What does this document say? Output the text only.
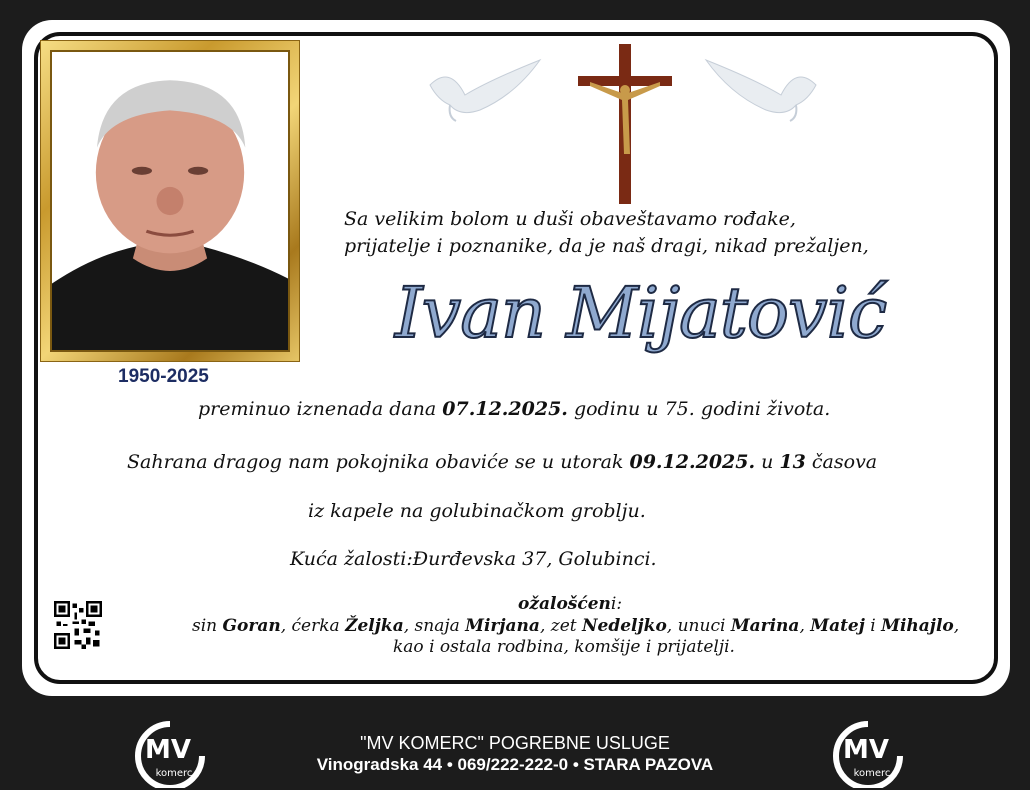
1950-2025
Sa velikim bolom u duši obaveštavamo rođake,
prijatelje i poznanike, da je naš dragi, nikad prežaljen,
Ivan Mijatović
preminuo iznenada dana 07.12.2025. godinu u 75. godini života.
Sahrana dragog nam pokojnika obaviće se u utorak 09.12.2025. u 13 časova
iz kapele na golubinačkom groblju.
Kuća žalosti:Đurđevska 37, Golubinci.
ožalošćeni:
sin Goran, ćerka Željka, snaja Mirjana, zet Nedeljko, unuci Marina, Matej i Mihajlo,
kao i ostala rodbina, komšije i prijatelji.
MV
komerc
"MV KOMERC" POGREBNE USLUGE
Vinogradska 44 • 069/222-222-0 • STARA PAZOVA	MV
komerc
